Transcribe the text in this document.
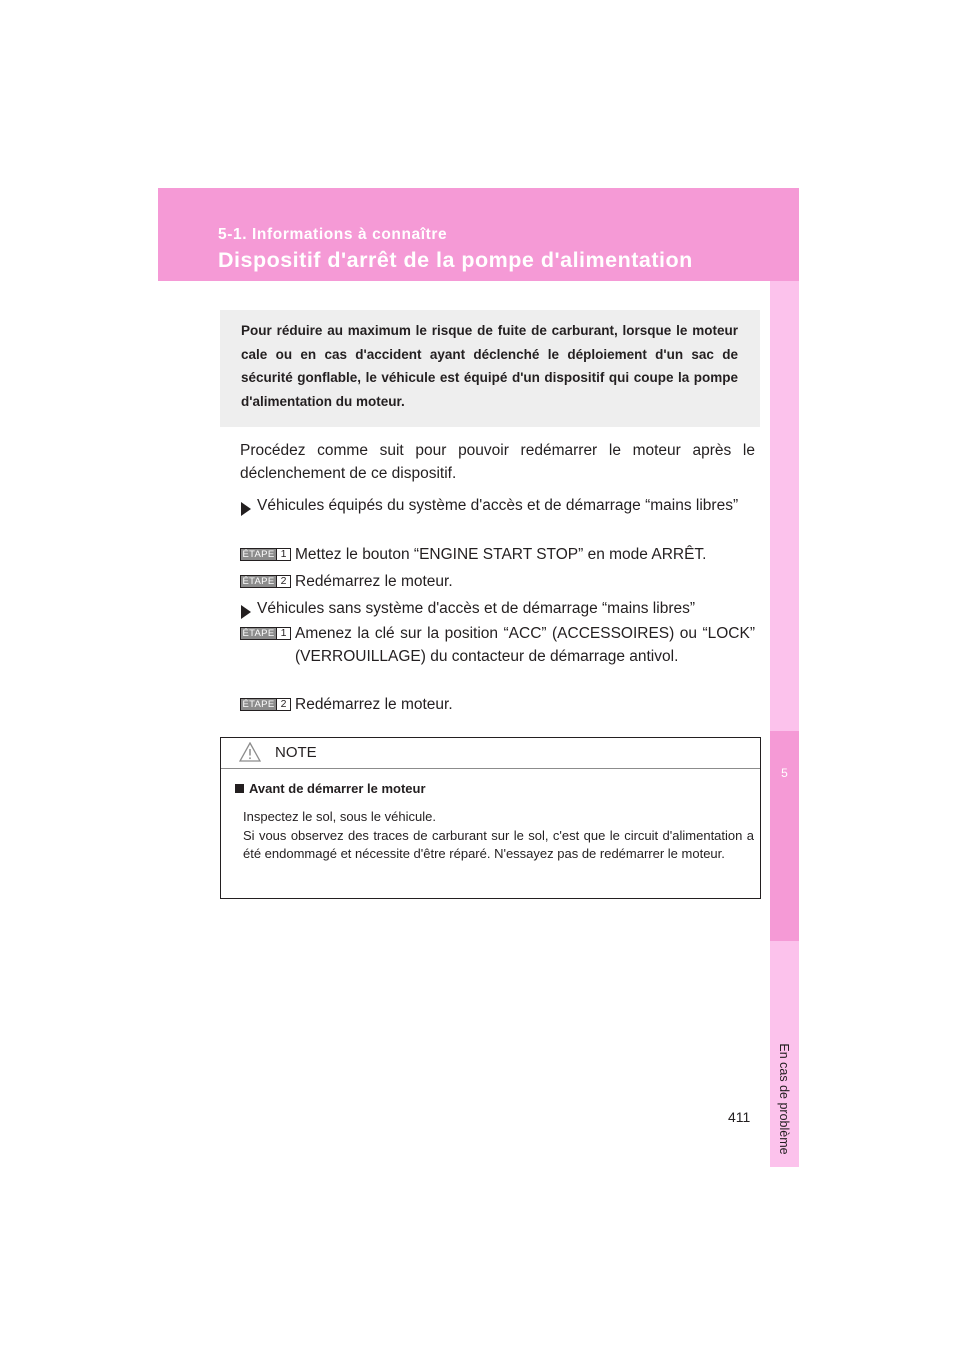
5-1. Informations à connaître
Dispositif d'arrêt de la pompe d'alimentation
5
En cas de problème
Pour réduire au maximum le risque de fuite de carburant, lorsque le moteur cale ou en cas d'accident ayant déclenché le déploiement d'un sac de sécurité gonflable, le véhicule est équipé d'un dispositif qui coupe la pompe d'alimentation du moteur.
Procédez comme suit pour pouvoir redémarrer le moteur après le déclenchement de ce dispositif.
Véhicules équipés du système d'accès et de démarrage “mains libres”
ÉTAPE 1 Mettez le bouton “ENGINE START STOP” en mode ARRÊT.
ÉTAPE 2 Redémarrez le moteur.
Véhicules sans système d'accès et de démarrage “mains libres”
ÉTAPE 1 Amenez la clé sur la position “ACC” (ACCESSOIRES) ou “LOCK” (VERROUILLAGE) du contacteur de démarrage antivol.
ÉTAPE 2 Redémarrez le moteur.
NOTE
Avant de démarrer le moteur
Inspectez le sol, sous le véhicule.
Si vous observez des traces de carburant sur le sol, c'est que le circuit d'alimentation a été endommagé et nécessite d'être réparé. N'essayez pas de redémarrer le moteur.
411
